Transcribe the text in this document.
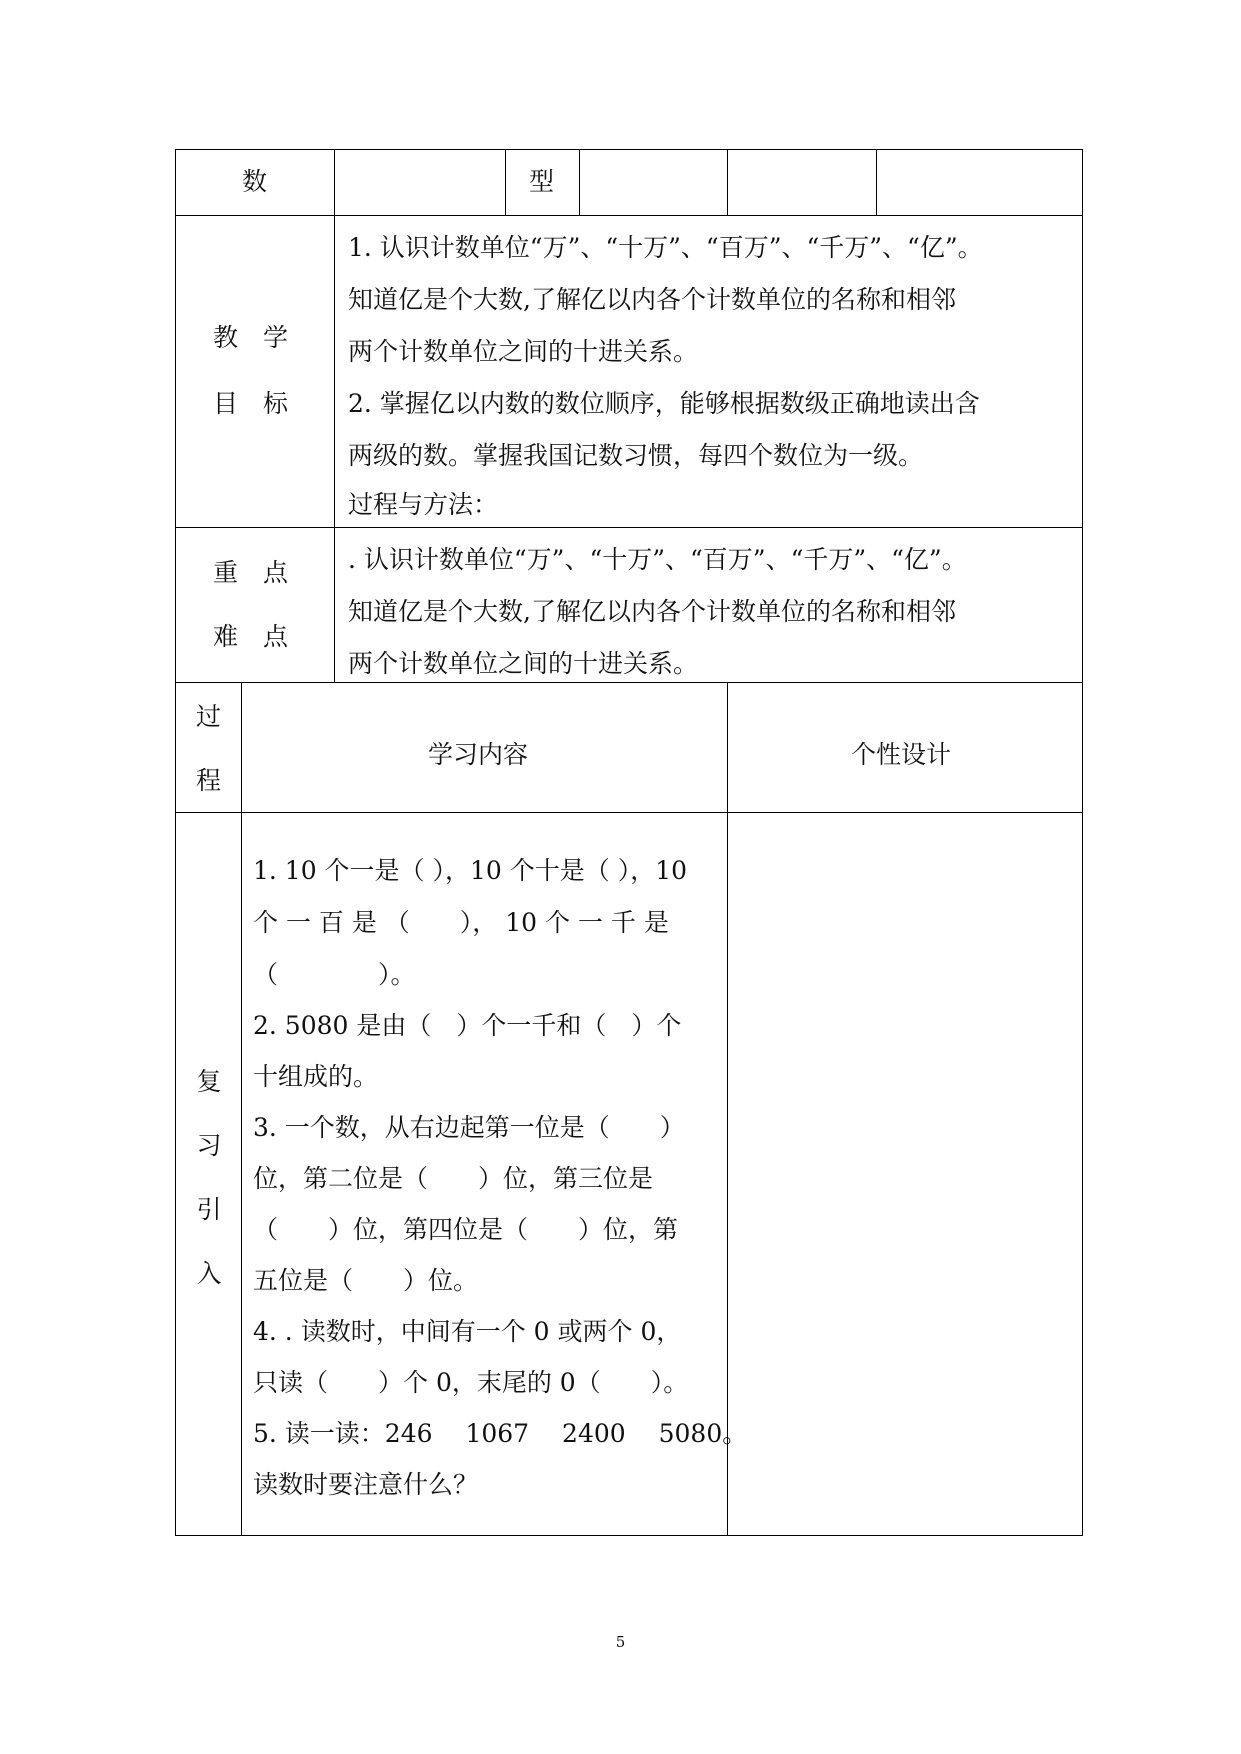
数	型
教　学
目　标
1. 认识计数单位“万”、“十万”、“百万”、“千万”、“亿”。
知道亿是个大数,了解亿以内各个计数单位的名称和相邻
两个计数单位之间的十进关系。
2. 掌握亿以内数的数位顺序，能够根据数级正确地读出含
两级的数。掌握我国记数习惯，每四个数位为一级。
过程与方法：
重　点
难　点
. 认识计数单位“万”、“十万”、“百万”、“千万”、“亿”。
知道亿是个大数,了解亿以内各个计数单位的名称和相邻
两个计数单位之间的十进关系。
过
程
学习内容	个性设计
复
习
引
入
1. 10 个一是（ ），10 个十是（ ），10
个 一 百 是 （　　）， 10 个 一 千 是
（　　　　）。
2. 5080 是由（　）个一千和（　）个
十组成的。
3. 一个数，从右边起第一位是（　　）
位，第二位是（　　）位，第三位是
（　　）位，第四位是（　　）位，第
五位是（　　）位。
4. . 读数时，中间有一个 0 或两个 0，
只读（　　）个 0，末尾的 0（　　）。
5. 读一读：246　 1067　 2400　 5080。
读数时要注意什么？
5
